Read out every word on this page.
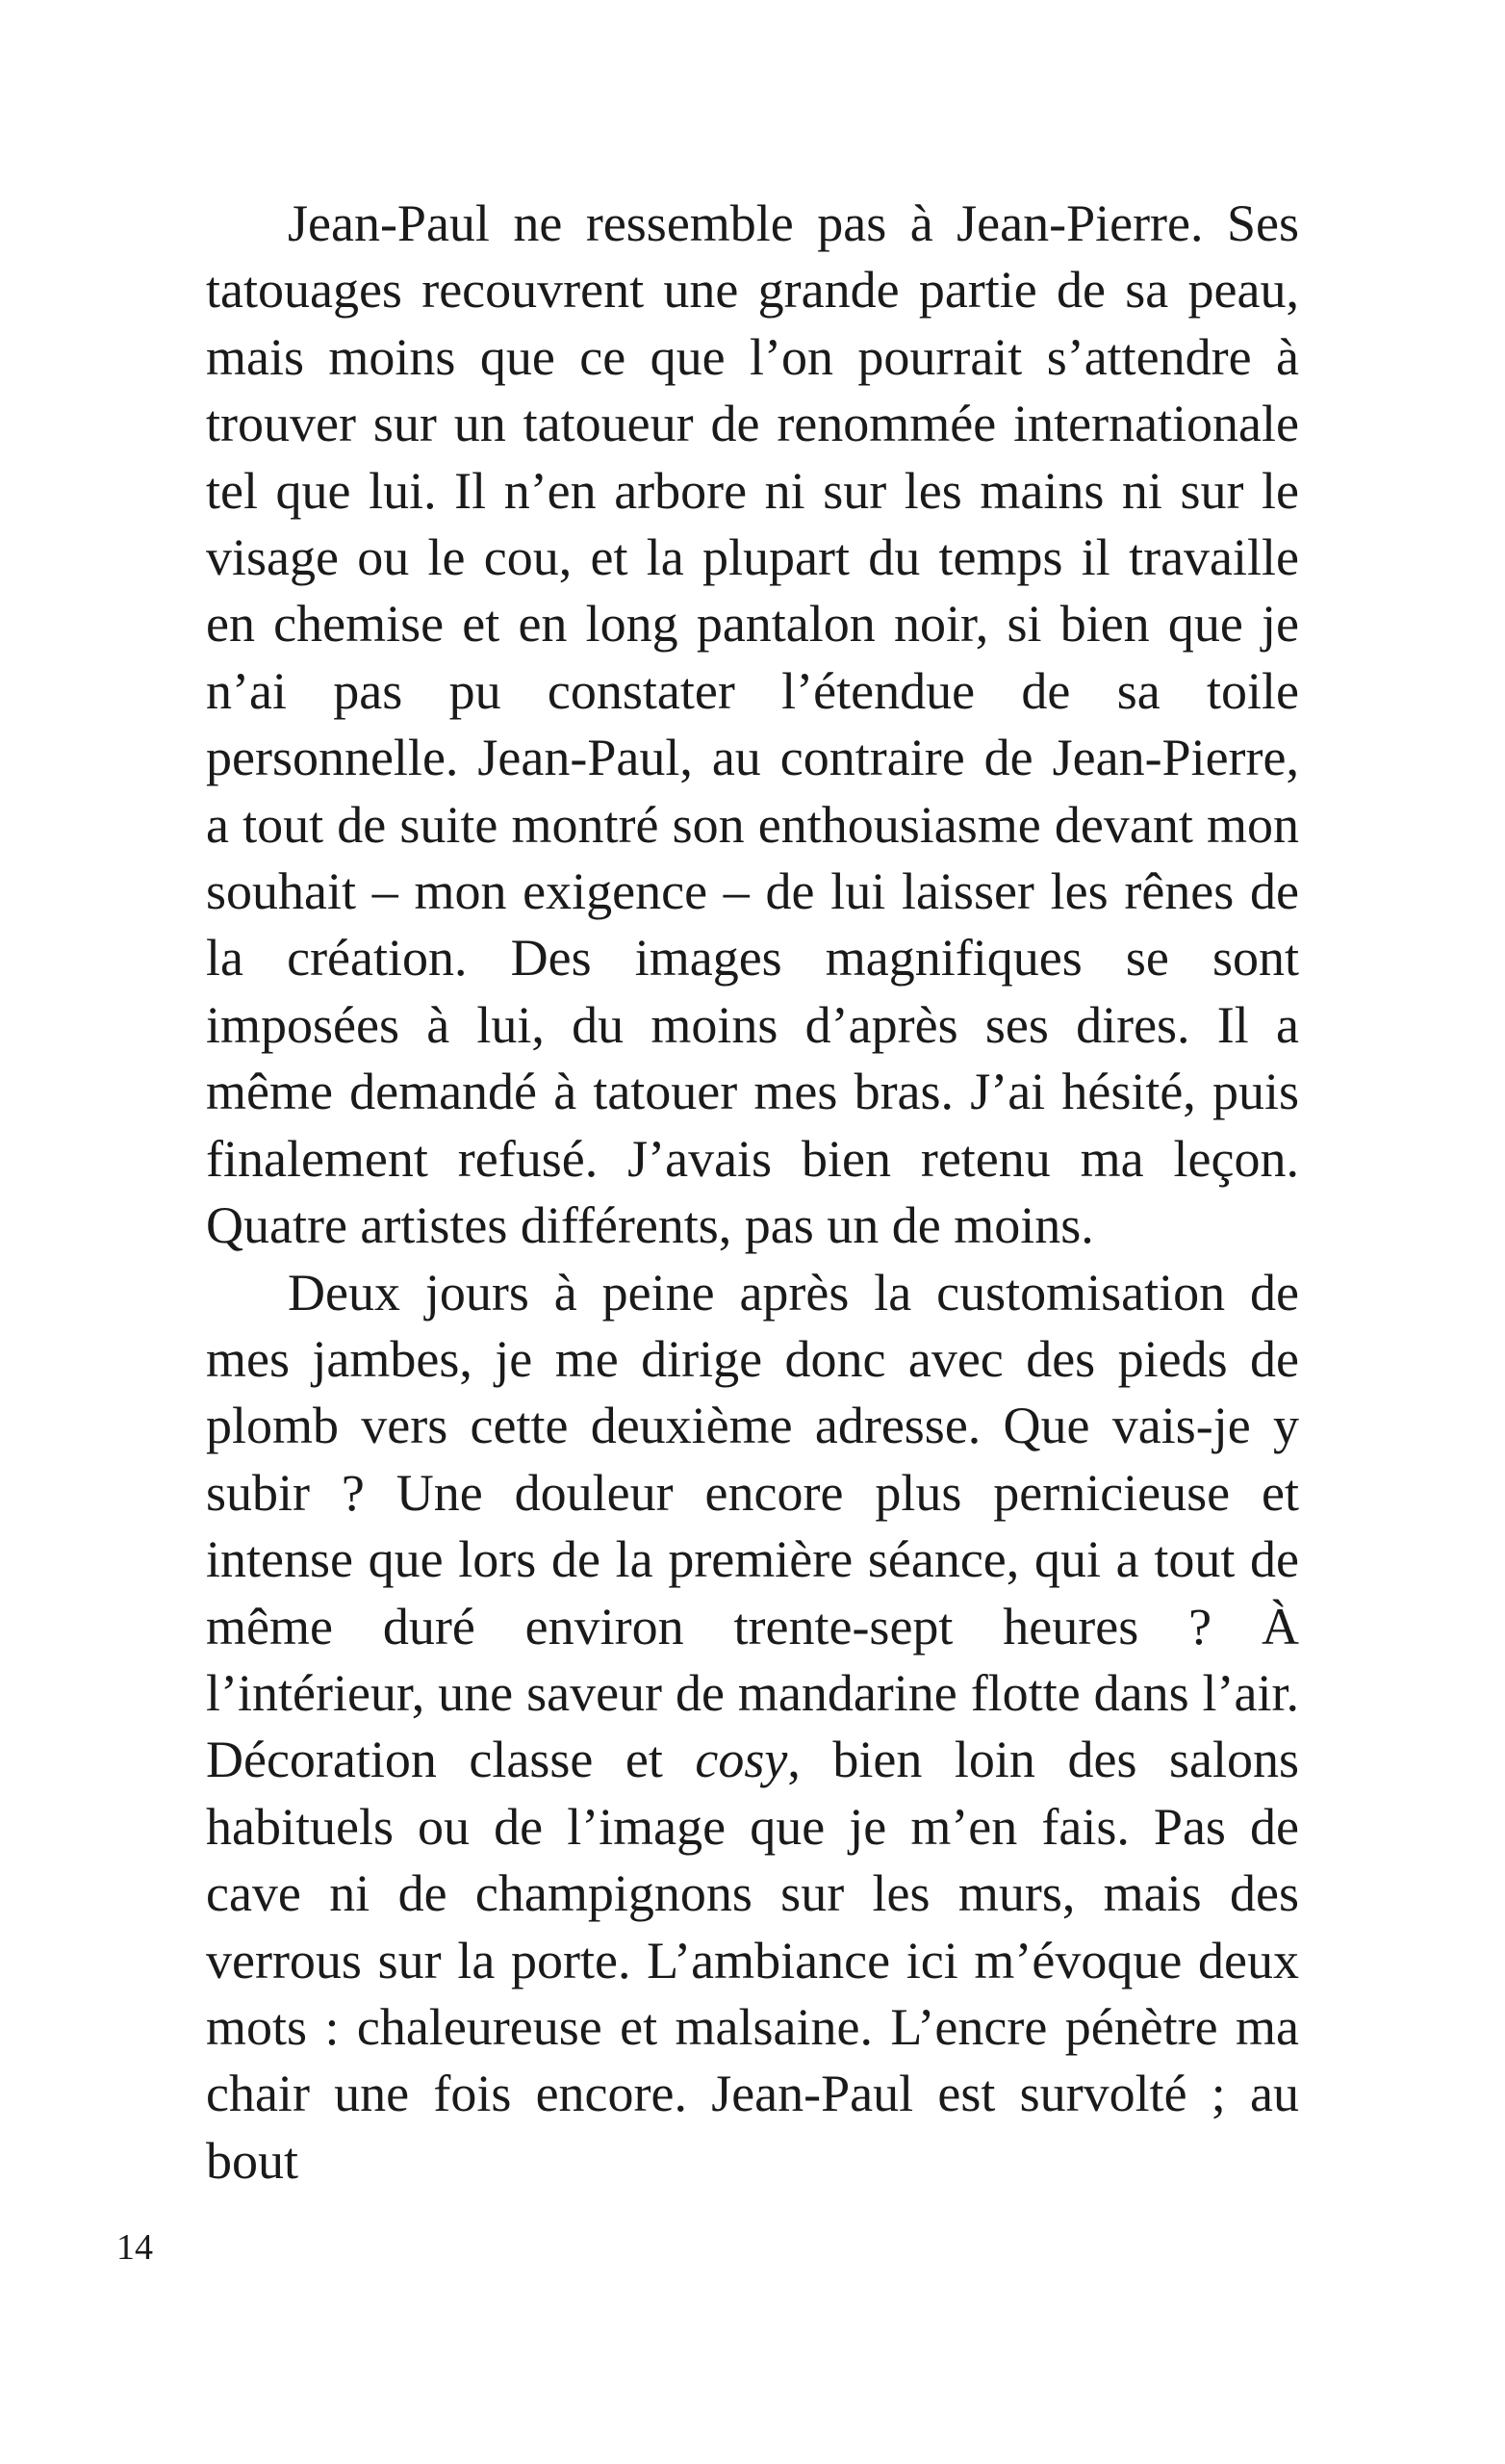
Jean-Paul ne ressemble pas à Jean-Pierre. Ses tatouages recouvrent une grande partie de sa peau, mais moins que ce que l’on pourrait s’attendre à trouver sur un tatoueur de renommée internationale tel que lui. Il n’en arbore ni sur les mains ni sur le visage ou le cou, et la plupart du temps il travaille en chemise et en long pantalon noir, si bien que je n’ai pas pu constater l’étendue de sa toile personnelle. Jean-Paul, au contraire de Jean-Pierre, a tout de suite montré son enthousiasme devant mon souhait – mon exigence – de lui laisser les rênes de la création. Des images magnifiques se sont imposées à lui, du moins d’après ses dires. Il a même demandé à tatouer mes bras. J’ai hésité, puis finalement refusé. J’avais bien retenu ma leçon. Quatre artistes différents, pas un de moins.

Deux jours à peine après la customisation de mes jambes, je me dirige donc avec des pieds de plomb vers cette deuxième adresse. Que vais-je y subir ? Une douleur encore plus pernicieuse et intense que lors de la première séance, qui a tout de même duré environ trente-sept heures ? À l’intérieur, une saveur de mandarine flotte dans l’air. Décoration classe et cosy, bien loin des salons habituels ou de l’image que je m’en fais. Pas de cave ni de champignons sur les murs, mais des verrous sur la porte. L’ambiance ici m’évoque deux mots : chaleureuse et malsaine. L’encre pénètre ma chair une fois encore. Jean-Paul est survolté ; au bout

14
